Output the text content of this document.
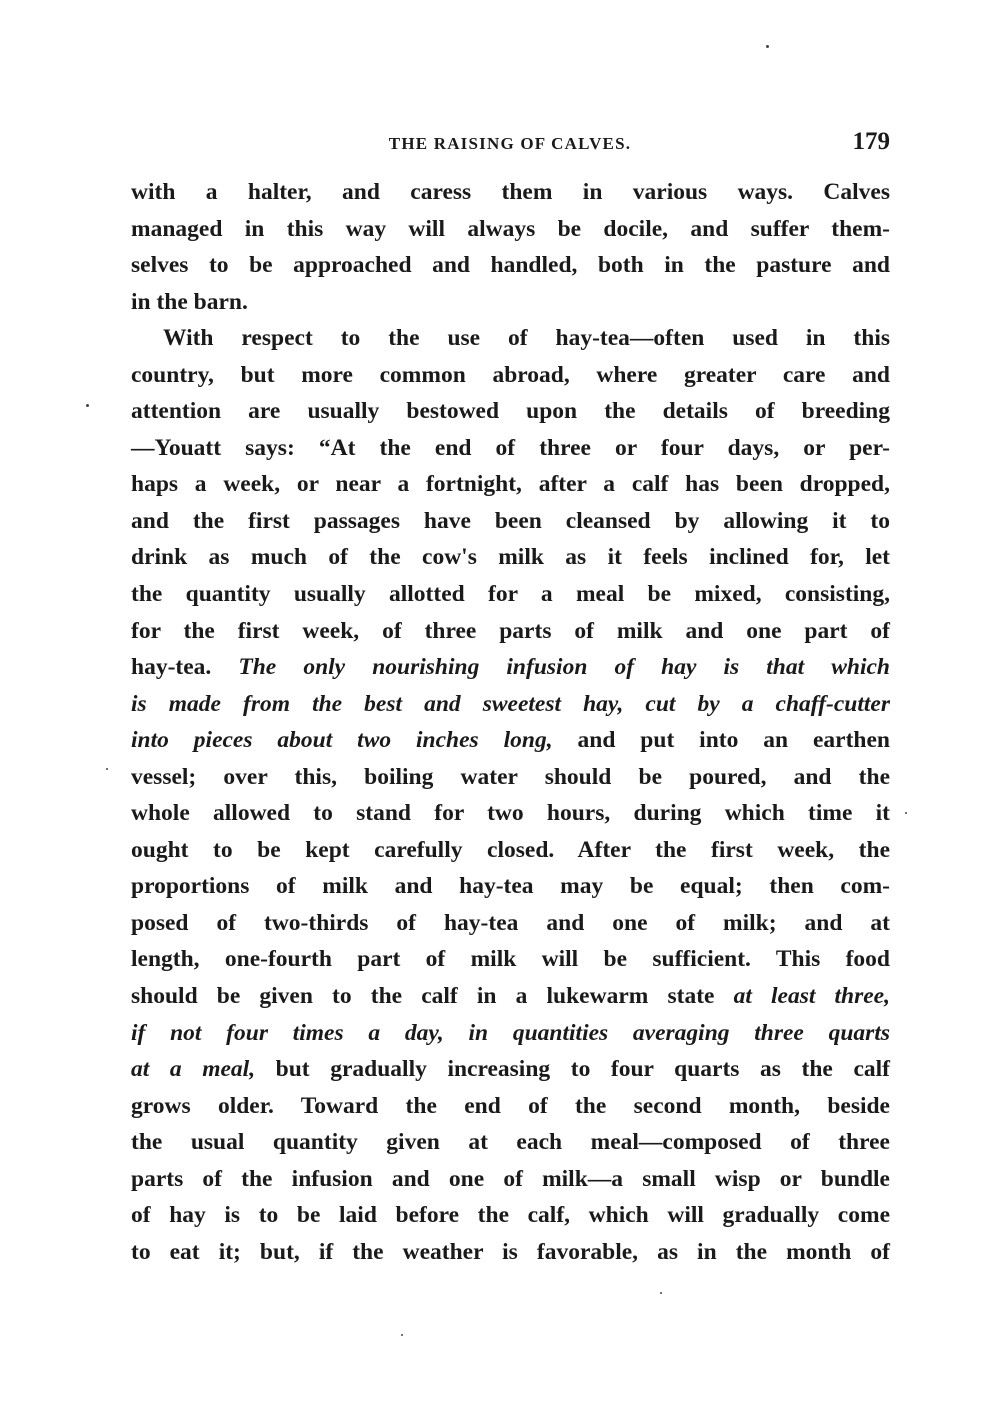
THE RAISING OF CALVES.	179
with a halter, and caress them in various ways. Calves
managed in this way will always be docile, and suffer them-
selves to be approached and handled, both in the pasture and
in the barn.
With respect to the use of hay-tea—often used in this
country, but more common abroad, where greater care and
attention are usually bestowed upon the details of breeding
—Youatt says: “At the end of three or four days, or per-
haps a week, or near a fortnight, after a calf has been dropped,
and the first passages have been cleansed by allowing it to
drink as much of the cow's milk as it feels inclined for, let
the quantity usually allotted for a meal be mixed, consisting,
for the first week, of three parts of milk and one part of
hay-tea. The only nourishing infusion of hay is that which
is made from the best and sweetest hay, cut by a chaff-cutter
into pieces about two inches long, and put into an earthen
vessel; over this, boiling water should be poured, and the
whole allowed to stand for two hours, during which time it
ought to be kept carefully closed. After the first week, the
proportions of milk and hay-tea may be equal; then com-
posed of two-thirds of hay-tea and one of milk; and at
length, one-fourth part of milk will be sufficient. This food
should be given to the calf in a lukewarm state at least three,
if not four times a day, in quantities averaging three quarts
at a meal, but gradually increasing to four quarts as the calf
grows older. Toward the end of the second month, beside
the usual quantity given at each meal—composed of three
parts of the infusion and one of milk—a small wisp or bundle
of hay is to be laid before the calf, which will gradually come
to eat it; but, if the weather is favorable, as in the month of
